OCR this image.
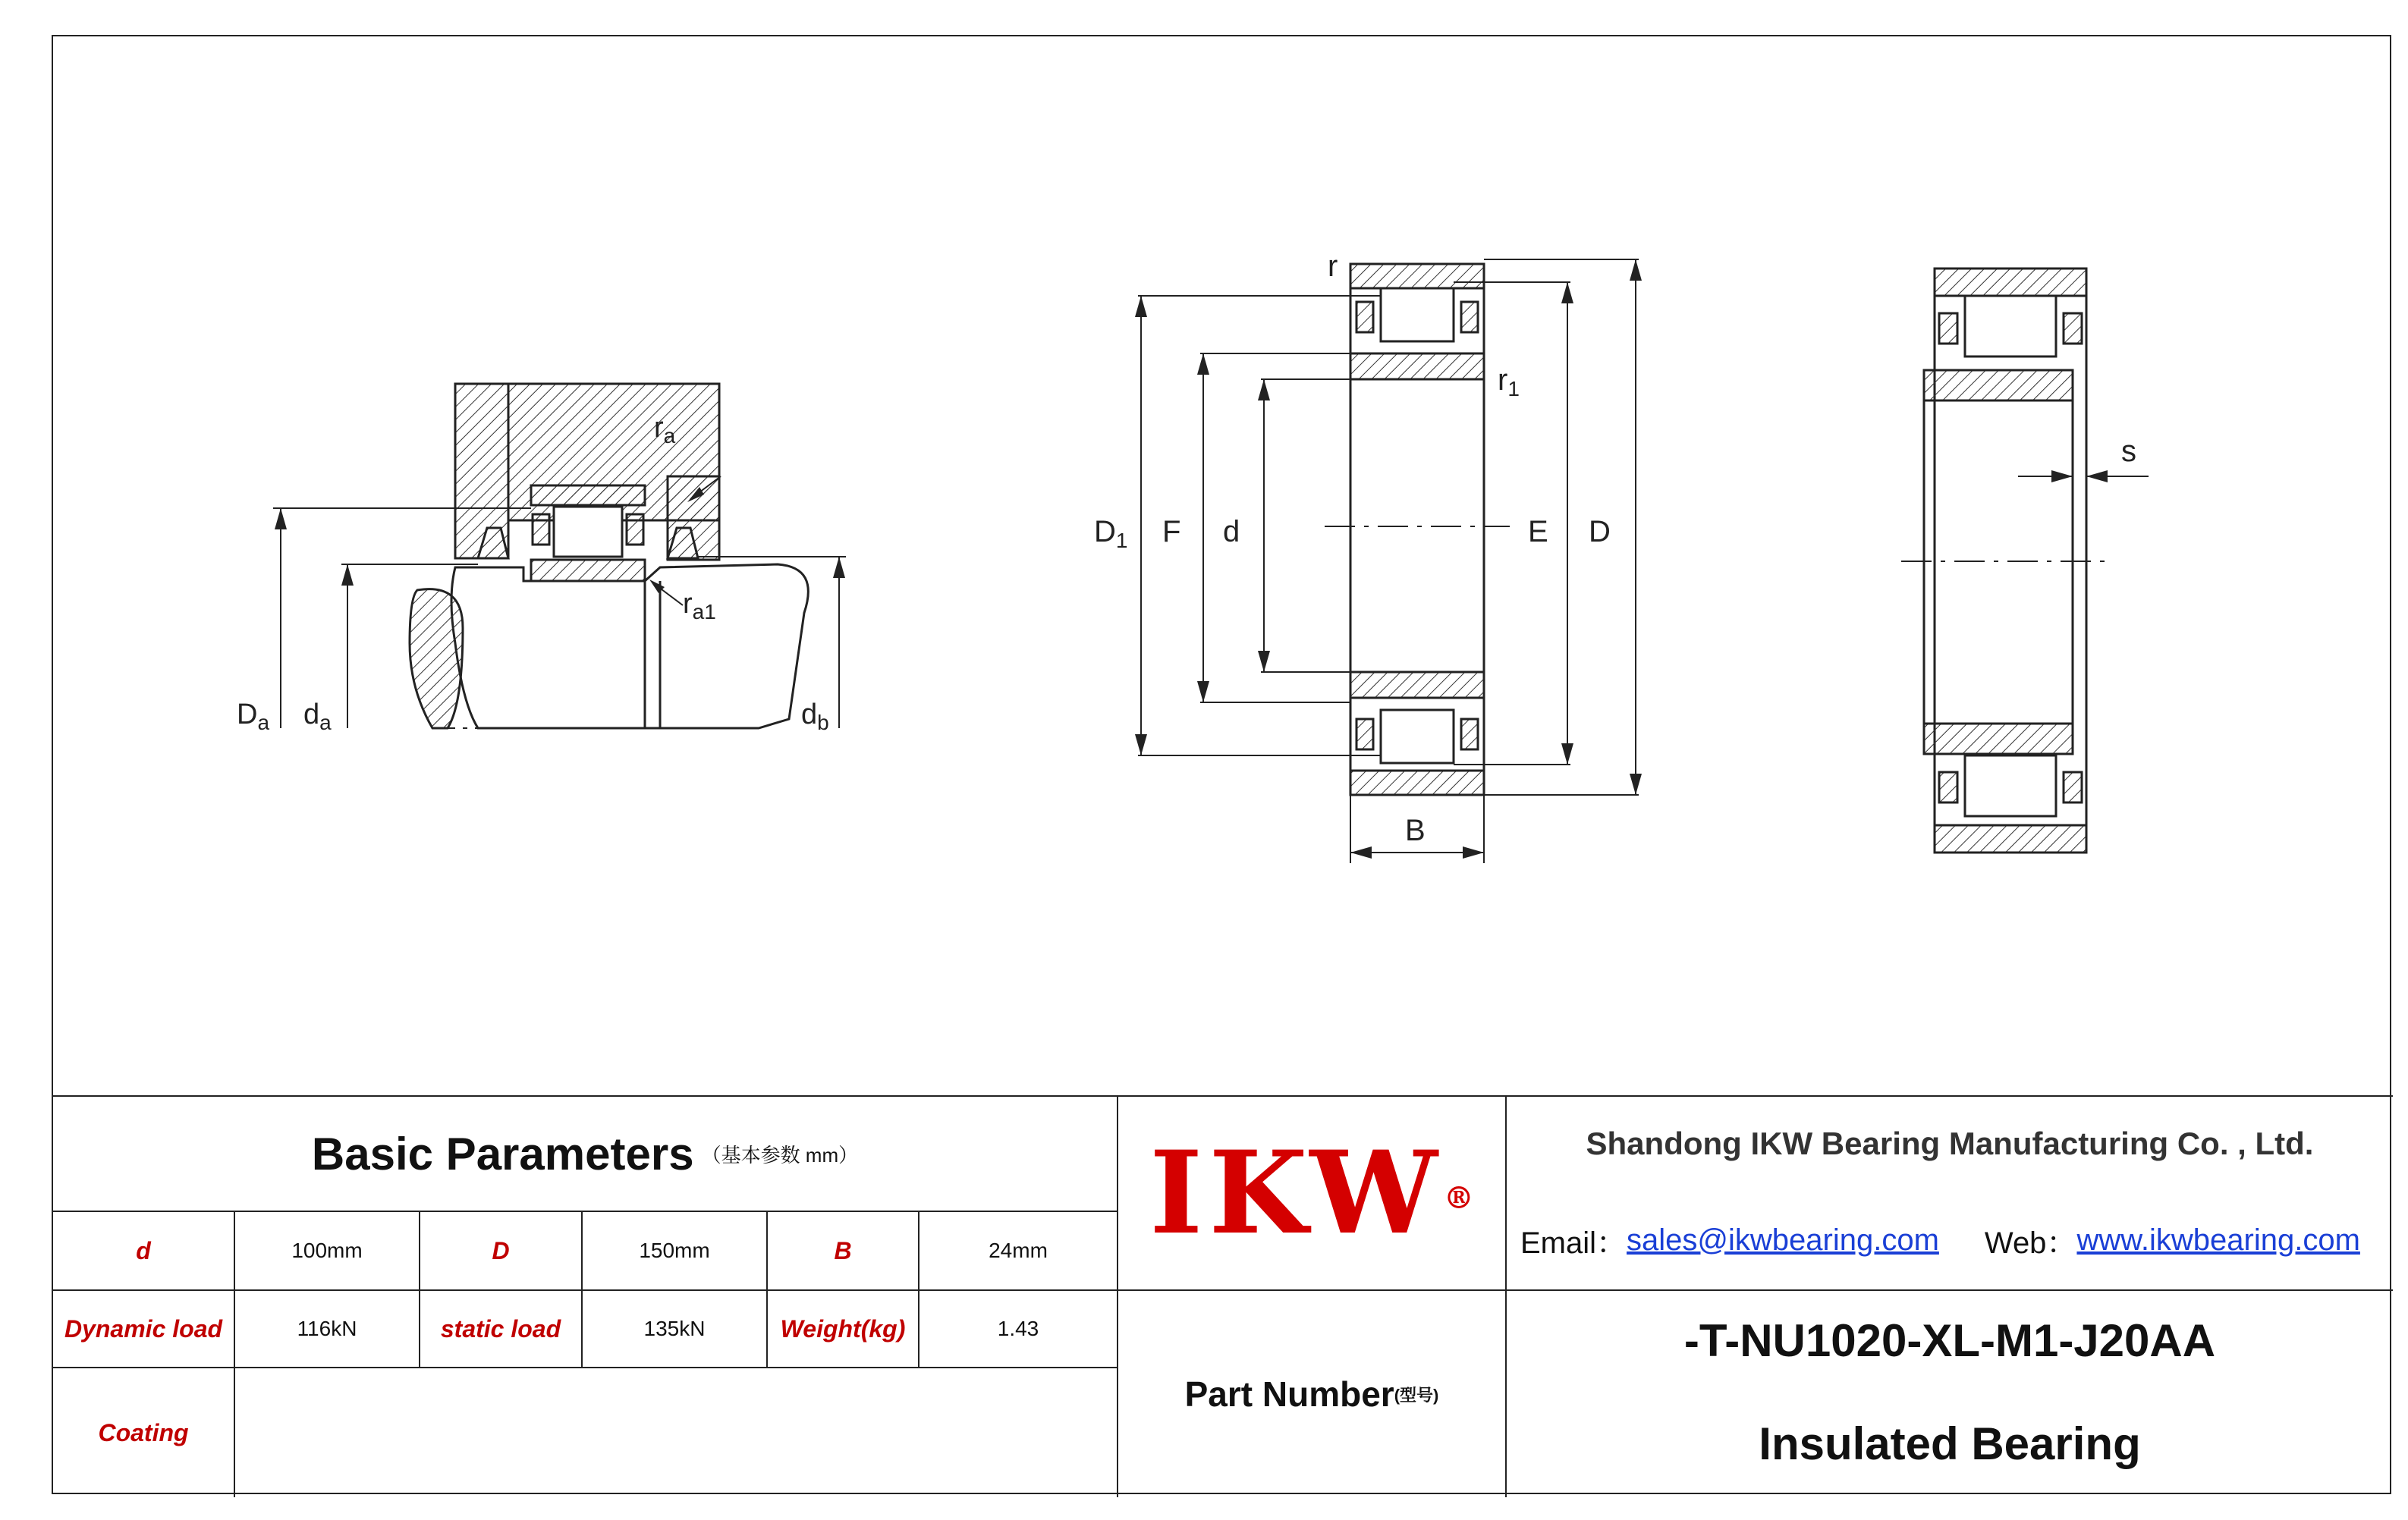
$D_a$ $d_a$	$d_b$
$r_a$
$r_{a1}$
$D_1$ F d	E D
r
$r_1$
B
s
Basic Parameters （基本参数 mm）
d	100mm	D	150mm	B	24mm
Dynamic load	116kN	static load	135kN	Weight(kg)	1.43
Coating
IKW®
Part Number (型号)
Shandong IKW Bearing Manufacturing Co. , Ltd.
Email： sales@ikwbearing.com Web： www.ikwbearing.com
-T-NU1020-XL-M1-J20AA
Insulated Bearing
